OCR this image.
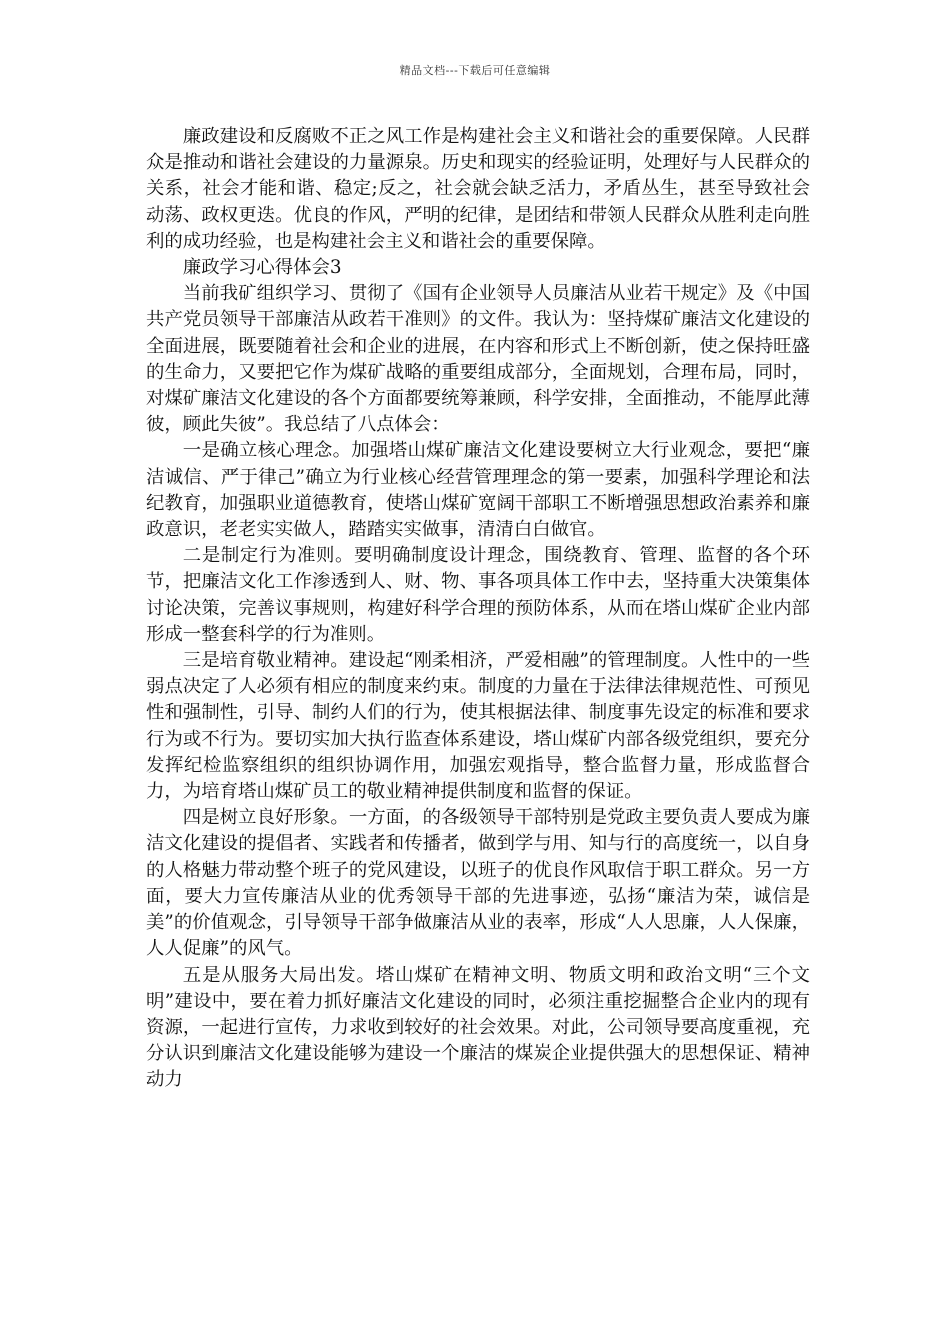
精品文档---下载后可任意编辑

廉政建设和反腐败不正之风工作是构建社会主义和谐社会的重要保障。人民群众是推动和谐社会建设的力量源泉。历史和现实的经验证明，处理好与人民群众的关系，社会才能和谐、稳定;反之，社会就会缺乏活力，矛盾丛生，甚至导致社会动荡、政权更迭。优良的作风，严明的纪律，是团结和带领人民群众从胜利走向胜利的成功经验，也是构建社会主义和谐社会的重要保障。

廉政学习心得体会3

当前我矿组织学习、贯彻了《国有企业领导人员廉洁从业若干规定》及《中国共产党员领导干部廉洁从政若干准则》的文件。我认为：坚持煤矿廉洁文化建设的全面进展，既要随着社会和企业的进展，在内容和形式上不断创新，使之保持旺盛的生命力，又要把它作为煤矿战略的重要组成部分，全面规划，合理布局，同时，对煤矿廉洁文化建设的各个方面都要统筹兼顾，科学安排，全面推动，不能厚此薄彼，顾此失彼”。我总结了八点体会：

一是确立核心理念。加强塔山煤矿廉洁文化建设要树立大行业观念，要把“廉洁诚信、严于律己”确立为行业核心经营管理理念的第一要素，加强科学理论和法纪教育，加强职业道德教育，使塔山煤矿宽阔干部职工不断增强思想政治素养和廉政意识，老老实实做人，踏踏实实做事，清清白白做官。

二是制定行为准则。要明确制度设计理念，围绕教育、管理、监督的各个环节，把廉洁文化工作渗透到人、财、物、事各项具体工作中去，坚持重大决策集体讨论决策，完善议事规则，构建好科学合理的预防体系，从而在塔山煤矿企业内部形成一整套科学的行为准则。

三是培育敬业精神。建设起“刚柔相济，严爱相融”的管理制度。人性中的一些弱点决定了人必须有相应的制度来约束。制度的力量在于法律法律规范性、可预见性和强制性，引导、制约人们的行为，使其根据法律、制度事先设定的标准和要求行为或不行为。要切实加大执行监查体系建设，塔山煤矿内部各级党组织，要充分发挥纪检监察组织的组织协调作用，加强宏观指导，整合监督力量，形成监督合力，为培育塔山煤矿员工的敬业精神提供制度和监督的保证。

四是树立良好形象。一方面，的各级领导干部特别是党政主要负责人要成为廉洁文化建设的提倡者、实践者和传播者，做到学与用、知与行的高度统一，以自身的人格魅力带动整个班子的党风建设，以班子的优良作风取信于职工群众。另一方面，要大力宣传廉洁从业的优秀领导干部的先进事迹，弘扬“廉洁为荣，诚信是美”的价值观念，引导领导干部争做廉洁从业的表率，形成“人人思廉，人人保廉，人人促廉”的风气。

五是从服务大局出发。塔山煤矿在精神文明、物质文明和政治文明“三个文明”建设中，要在着力抓好廉洁文化建设的同时，必须注重挖掘整合企业内的现有资源，一起进行宣传，力求收到较好的社会效果。对此，公司领导要高度重视，充分认识到廉洁文化建设能够为建设一个廉洁的煤炭企业提供强大的思想保证、精神动力
